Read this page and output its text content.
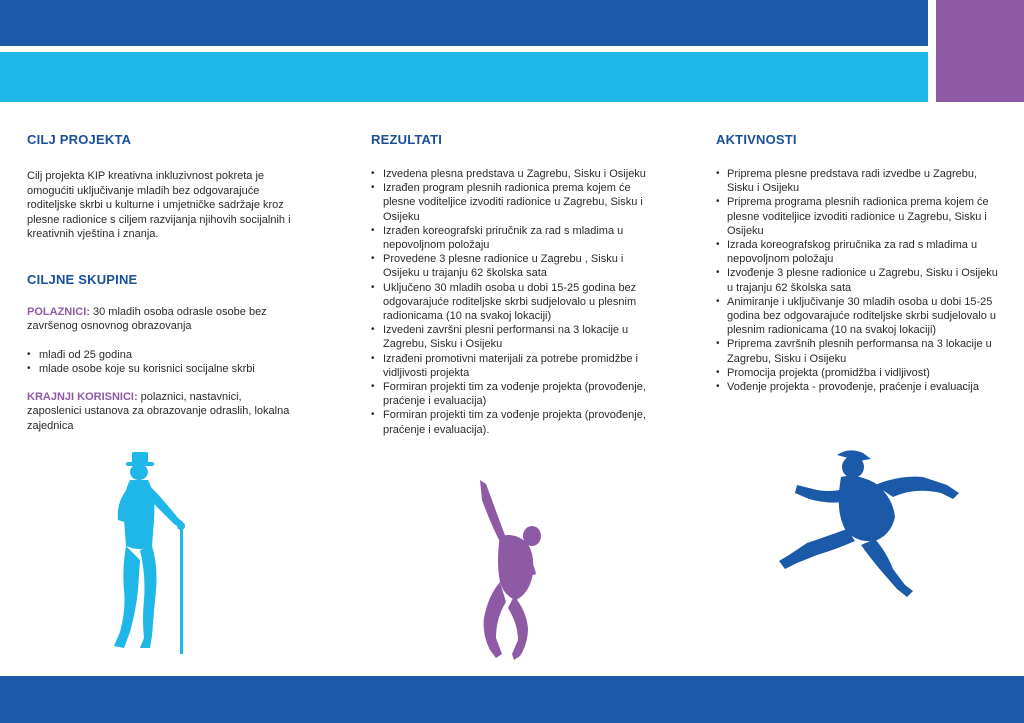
CILJ PROJEKTA

Cilj projekta KIP kreativna inkluzivnost pokreta je omogućiti uključivanje mladih bez odgovarajuće roditeljske skrbi u kulturne i umjetničke sadržaje kroz plesne radionice s ciljem razvijanja njihovih socijalnih i kreativnih vještina i znanja.

CILJNE SKUPINE

POLAZNICI: 30 mladih osoba odrasle osobe bez završenog osnovnog obrazovanja

• mlađi od 25 godina
• mlade osobe koje su korisnici socijalne skrbi

KRAJNJI KORISNICI: polaznici, nastavnici, zaposlenici ustanova za obrazovanje odraslih, lokalna zajednica

REZULTATI
• Izvedena plesna predstava u Zagrebu, Sisku i Osijeku
• Izrađen program plesnih radionica prema kojem će plesne voditeljice izvoditi radionice u Zagrebu, Sisku i Osijeku
• Izrađen koreografski priručnik za rad s mladima u nepovoljnom položaju
• Provedene 3 plesne radionice u Zagrebu , Sisku i Osijeku u trajanju 62 školska sata
• Uključeno 30 mladih osoba u dobi 15-25 godina bez odgovarajuće roditeljske skrbi sudjelovalo u plesnim radionicama (10 na svakoj lokaciji)
• Izvedeni završni plesni performansi na 3 lokacije u Zagrebu, Sisku i Osijeku
• Izrađeni promotivni materijali za potrebe promidžbe i vidljivosti projekta
• Formiran projekti tim za vođenje projekta (provođenje, praćenje i evaluacija)
• Formiran projekti tim za vođenje projekta (provođenje, praćenje i evaluacija).
AKTIVNOSTI
• Priprema plesne predstava radi izvedbe u Zagrebu, Sisku i Osijeku
• Priprema programa plesnih radionica prema kojem će plesne voditeljice izvoditi radionice u Zagrebu, Sisku i Osijeku
• Izrada koreografskog priručnika za rad s mladima u nepovoljnom položaju
• Izvođenje 3 plesne radionice u Zagrebu, Sisku i Osijeku u trajanju 62 školska sata
• Animiranje i uključivanje 30 mladih osoba u dobi 15-25 godina bez odgovarajuće roditeljske skrbi sudjelovalo u plesnim radionicama (10 na svakoj lokaciji)
• Priprema završnih plesnih performansa na 3 lokacije u Zagrebu, Sisku i Osijeku
• Promocija projekta (promidžba i vidljivost)
• Vođenje projekta - provođenje, praćenje i evaluacija
